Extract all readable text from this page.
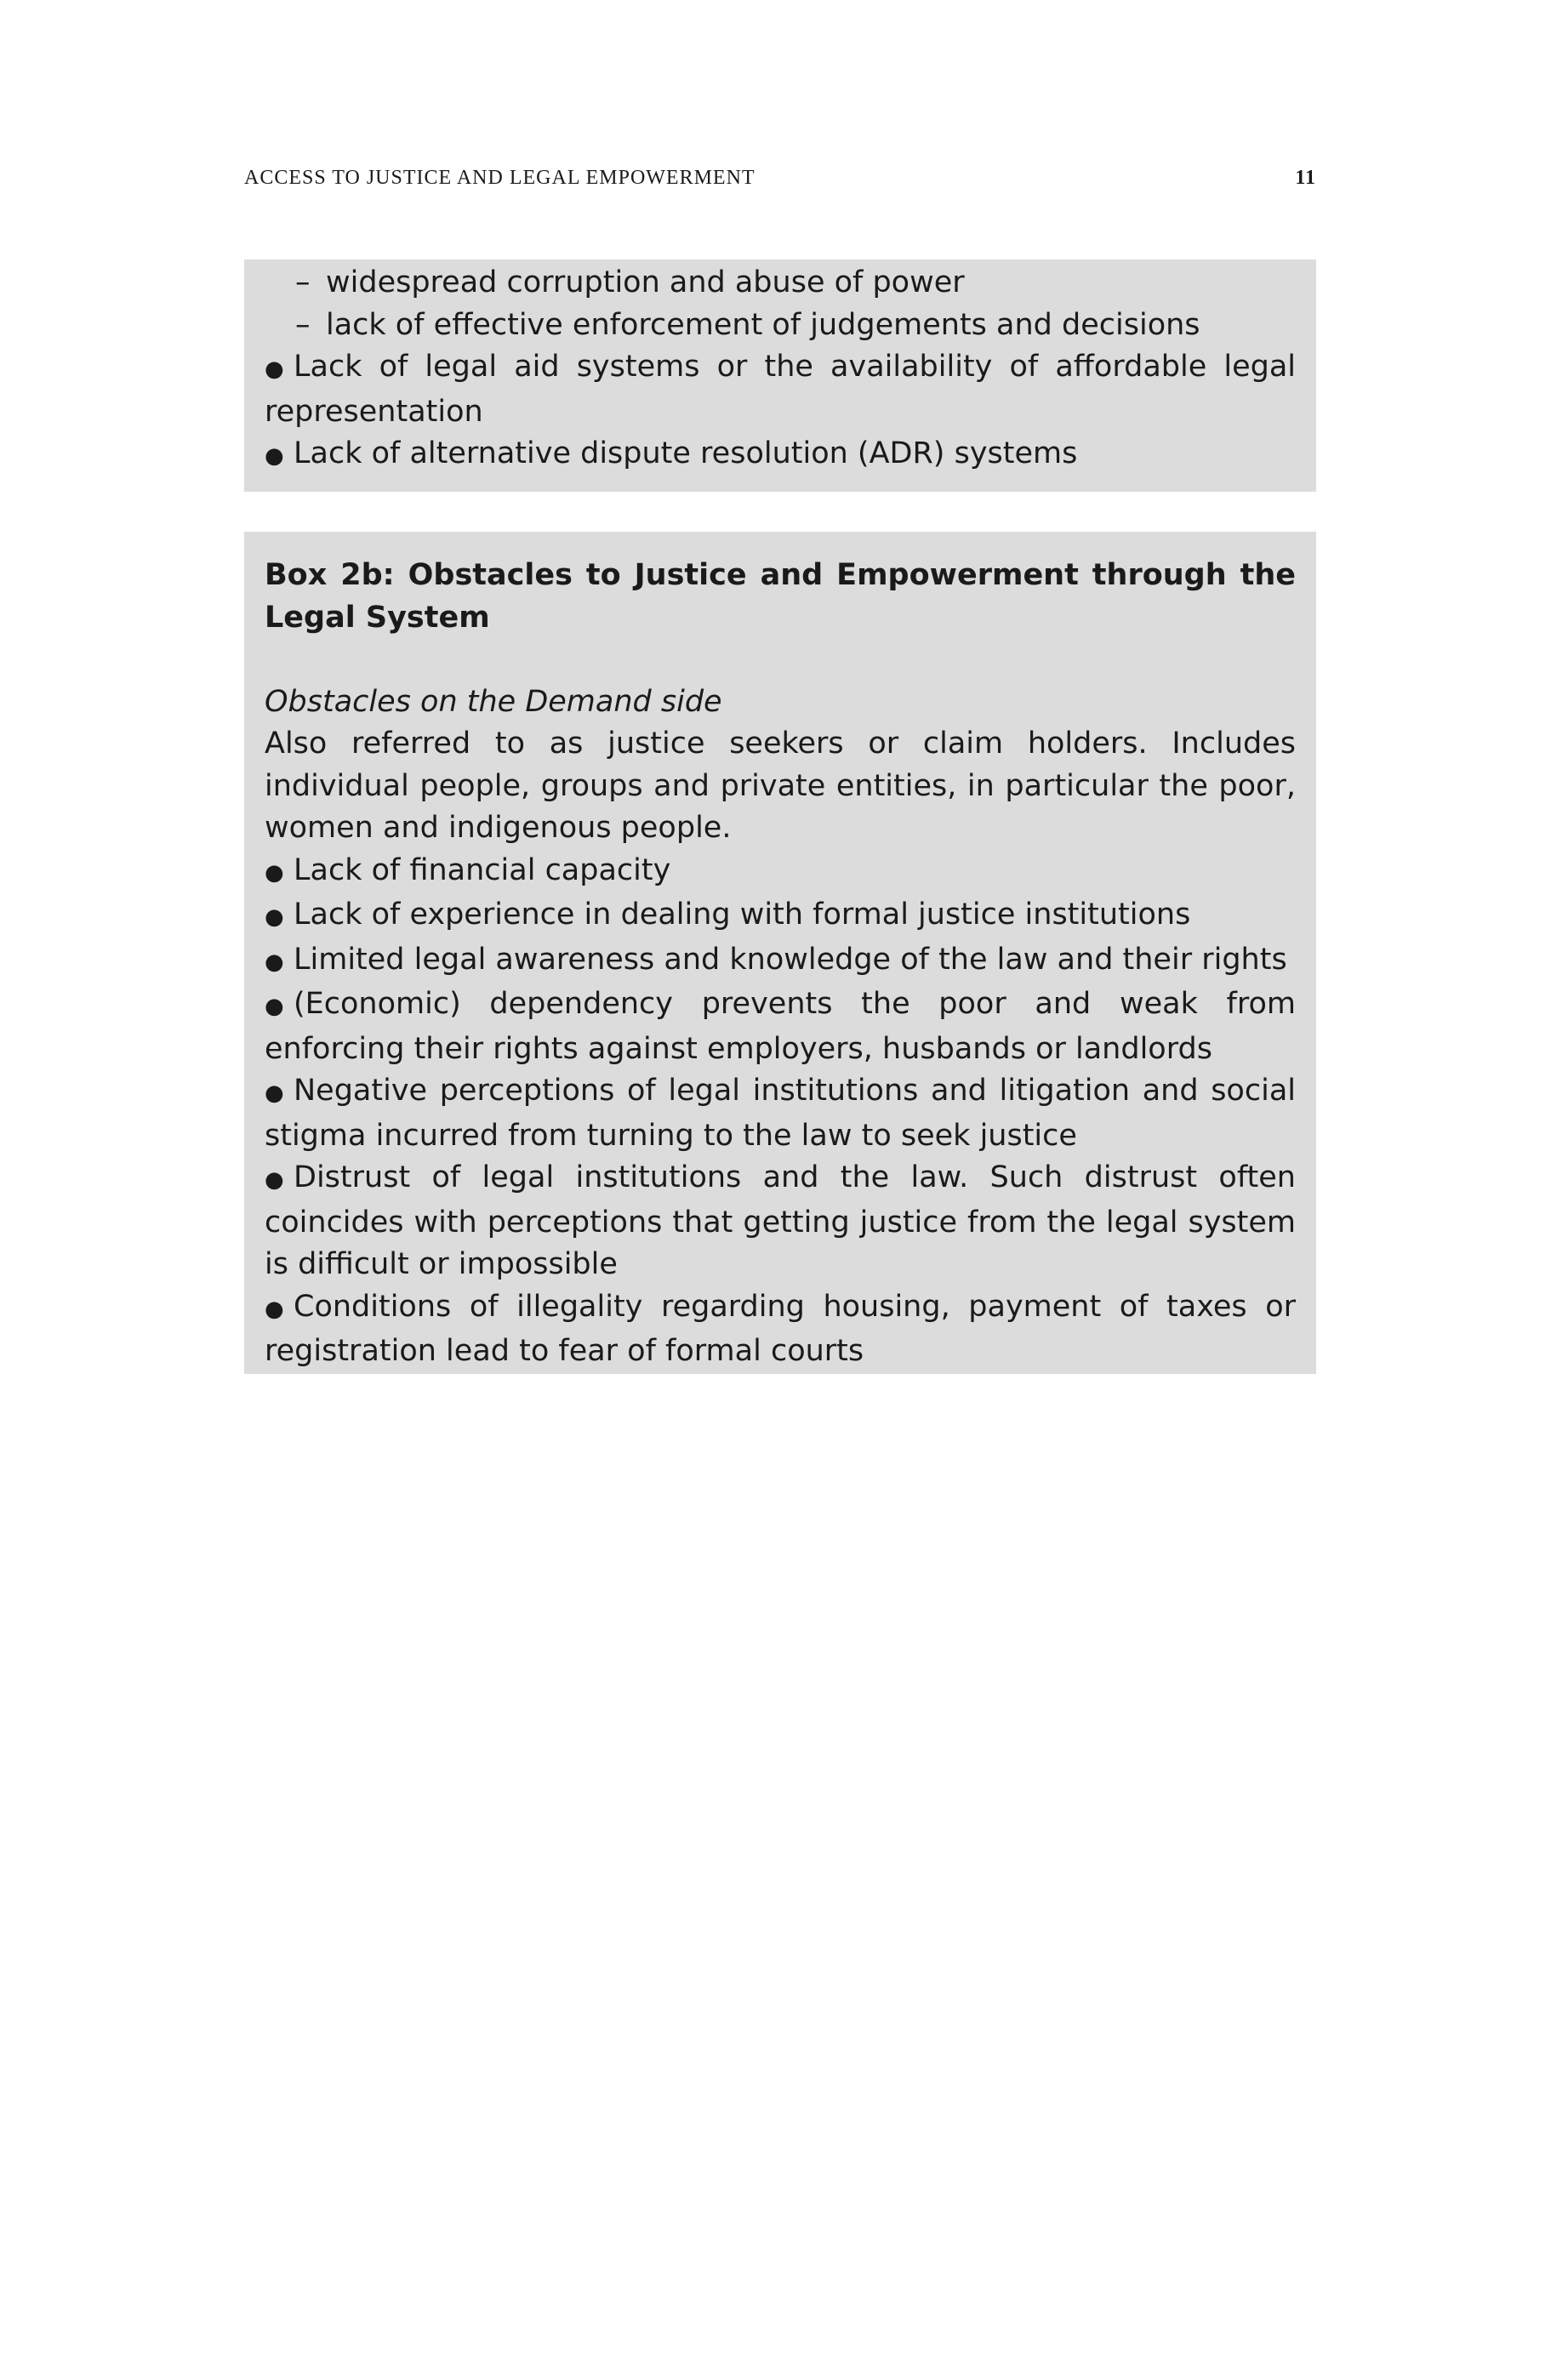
ACCESS TO JUSTICE AND LEGAL EMPOWERMENT	11
– widespread corruption and abuse of power
– lack of effective enforcement of judgements and decisions
● Lack of legal aid systems or the availability of affordable legal representation
● Lack of alternative dispute resolution (ADR) systems
Box 2b: Obstacles to Justice and Empowerment through the Legal System
Obstacles on the Demand side
Also referred to as justice seekers or claim holders. Includes individual people, groups and private entities, in particular the poor, women and indigenous people.
● Lack of financial capacity
● Lack of experience in dealing with formal justice institutions
● Limited legal awareness and knowledge of the law and their rights
● (Economic) dependency prevents the poor and weak from enforcing their rights against employers, husbands or landlords
● Negative perceptions of legal institutions and litigation and social stigma incurred from turning to the law to seek justice
● Distrust of legal institutions and the law. Such distrust often coincides with perceptions that getting justice from the legal system is difficult or impossible
● Conditions of illegality regarding housing, payment of taxes or registration lead to fear of formal courts
